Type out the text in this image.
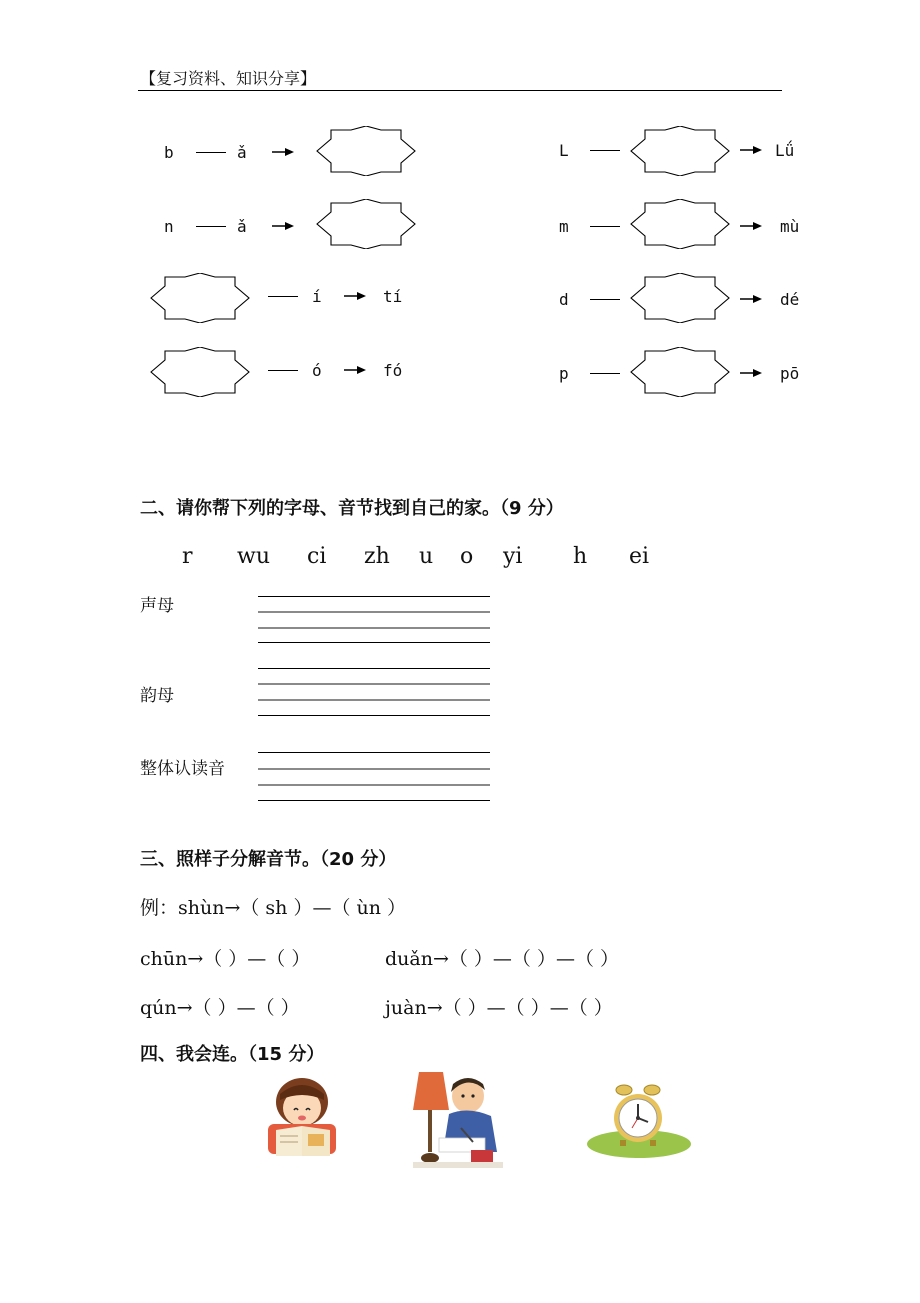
【复习资料、知识分享】
b	ǎ
n	ǎ
í	tí
ó	fó
L	Lǘ
m	mù
d	dé
p	pō
二、请你帮下列的字母、音节找到自己的家。（9 分）
r wu ci zh u o yi h ei
声母
韵母
整体认读音
三、照样子分解音节。（20 分）
例：shùn→（ sh ）—（ ùn ）
chūn→（ ）—（ ）	duǎn→（ ）—（ ）—（ ）
qún→（ ）—（ ）	juàn→（ ）—（ ）—（ ）
四、我会连。（15 分）
